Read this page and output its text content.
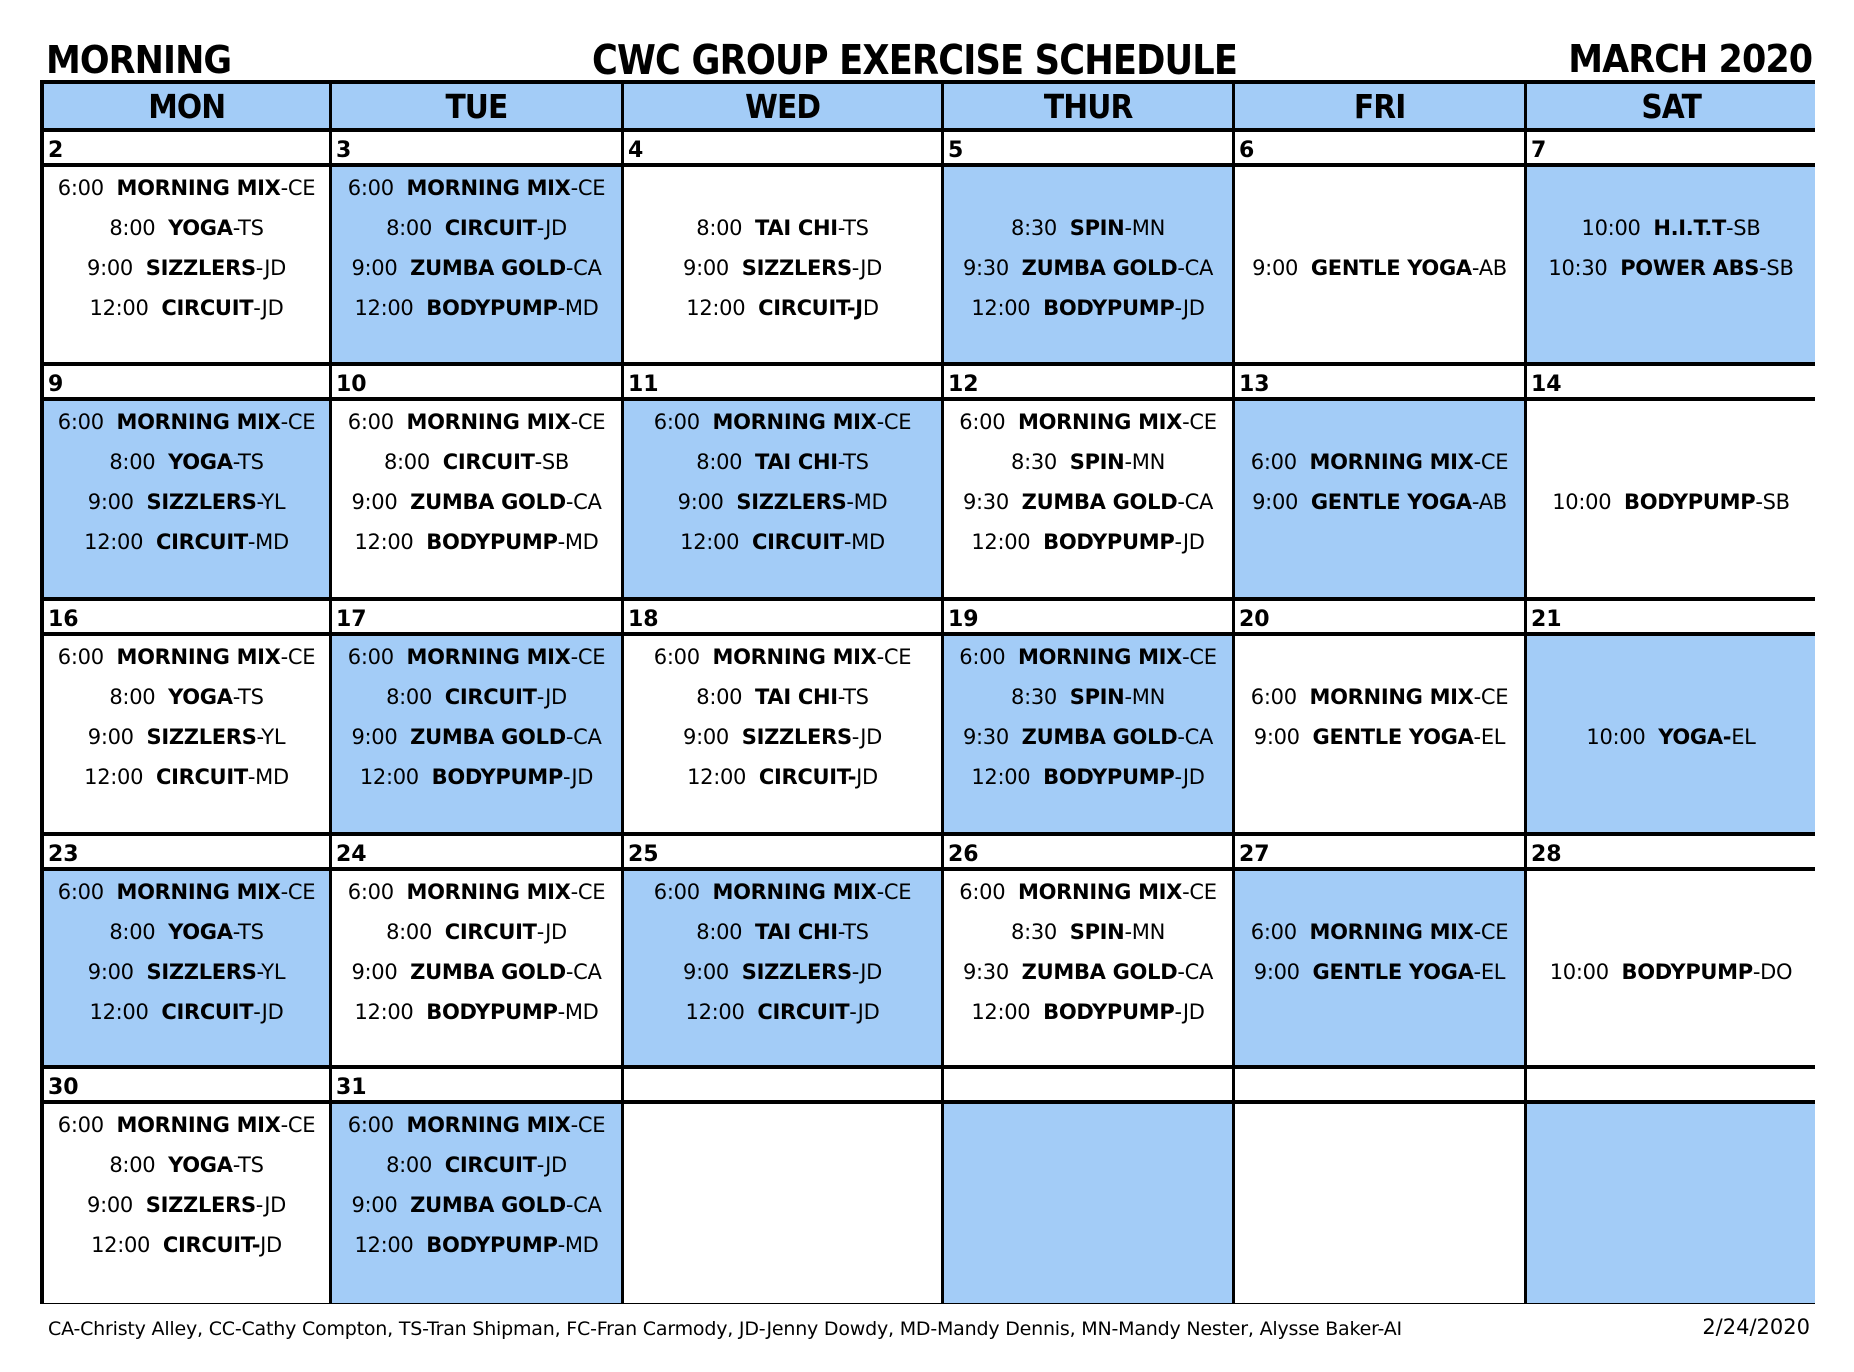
MORNING	CWC GROUP EXERCISE SCHEDULE	MARCH 2020
MON	TUE	WED	THUR	FRI	SAT
2
6:00 MORNING MIX-CE
8:00 YOGA-TS
9:00 SIZZLERS-JD
12:00 CIRCUIT-JD
3
6:00 MORNING MIX-CE
8:00 CIRCUIT-JD
9:00 ZUMBA GOLD-CA
12:00 BODYPUMP-MD
4
8:00 TAI CHI-TS
9:00 SIZZLERS-JD
12:00 CIRCUIT-JD
5
8:30 SPIN-MN
9:30 ZUMBA GOLD-CA
12:00 BODYPUMP-JD
6
9:00 GENTLE YOGA-AB
7
10:00 H.I.T.T-SB
10:30 POWER ABS-SB
9
6:00 MORNING MIX-CE
8:00 YOGA-TS
9:00 SIZZLERS-YL
12:00 CIRCUIT-MD
10
6:00 MORNING MIX-CE
8:00 CIRCUIT-SB
9:00 ZUMBA GOLD-CA
12:00 BODYPUMP-MD
11
6:00 MORNING MIX-CE
8:00 TAI CHI-TS
9:00 SIZZLERS-MD
12:00 CIRCUIT-MD
12
6:00 MORNING MIX-CE
8:30 SPIN-MN
9:30 ZUMBA GOLD-CA
12:00 BODYPUMP-JD
13
6:00 MORNING MIX-CE
9:00 GENTLE YOGA-AB
14
10:00 BODYPUMP-SB
16
6:00 MORNING MIX-CE
8:00 YOGA-TS
9:00 SIZZLERS-YL
12:00 CIRCUIT-MD
17
6:00 MORNING MIX-CE
8:00 CIRCUIT-JD
9:00 ZUMBA GOLD-CA
12:00 BODYPUMP-JD
18
6:00 MORNING MIX-CE
8:00 TAI CHI-TS
9:00 SIZZLERS-JD
12:00 CIRCUIT-JD
19
6:00 MORNING MIX-CE
8:30 SPIN-MN
9:30 ZUMBA GOLD-CA
12:00 BODYPUMP-JD
20
6:00 MORNING MIX-CE
9:00 GENTLE YOGA-EL
21
10:00 YOGA-EL
23
6:00 MORNING MIX-CE
8:00 YOGA-TS
9:00 SIZZLERS-YL
12:00 CIRCUIT-JD
24
6:00 MORNING MIX-CE
8:00 CIRCUIT-JD
9:00 ZUMBA GOLD-CA
12:00 BODYPUMP-MD
25
6:00 MORNING MIX-CE
8:00 TAI CHI-TS
9:00 SIZZLERS-JD
12:00 CIRCUIT-JD
26
6:00 MORNING MIX-CE
8:30 SPIN-MN
9:30 ZUMBA GOLD-CA
12:00 BODYPUMP-JD
27
6:00 MORNING MIX-CE
9:00 GENTLE YOGA-EL
28
10:00 BODYPUMP-DO
30
6:00 MORNING MIX-CE
8:00 YOGA-TS
9:00 SIZZLERS-JD
12:00 CIRCUIT-JD
31
6:00 MORNING MIX-CE
8:00 CIRCUIT-JD
9:00 ZUMBA GOLD-CA
12:00 BODYPUMP-MD
CA-Christy Alley, CC-Cathy Compton, TS-Tran Shipman, FC-Fran Carmody, JD-Jenny Dowdy, MD-Mandy Dennis, MN-Mandy Nester, Alysse Baker-AI	2/24/2020
